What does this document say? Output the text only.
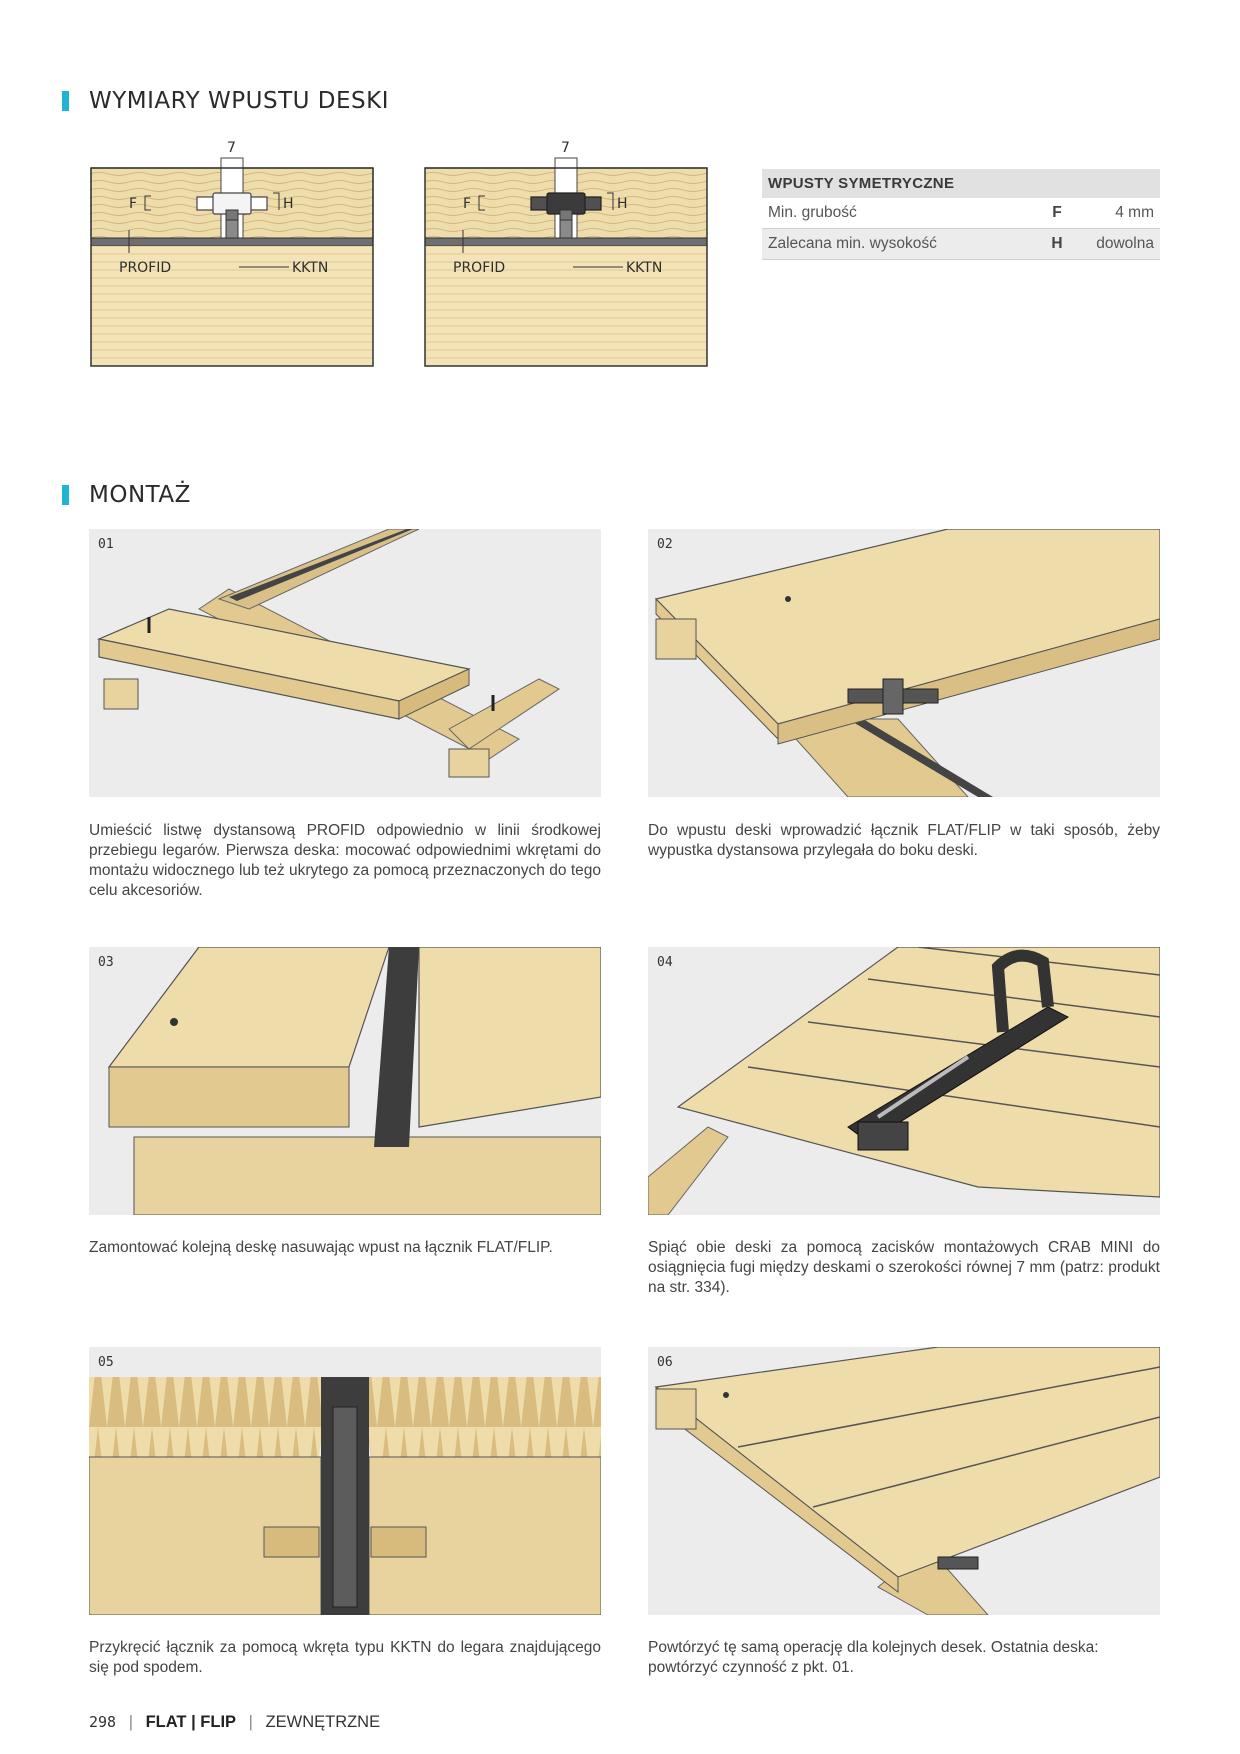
WYMIARY WPUSTU DESKI
F	H
7
PROFID	KKTN
F	H
7
PROFID	KKTN
WPUSTY SYMETRYCZNE		
Min. grubość	F	4 mm
Zalecana min. wysokość	H	dowolna
MONTAŻ
01
Umieścić listwę dystansową PROFID odpowiednio w linii środkowej przebiegu legarów. Pierwsza deska: mocować odpowiednimi wkrętami do montażu widocznego lub też ukrytego za pomocą przeznaczonych do tego celu akcesoriów.
02
Do wpustu deski wprowadzić łącznik FLAT/FLIP w taki sposób, żeby wypustka dystansowa przylegała do boku deski.
03
Zamontować kolejną deskę nasuwając wpust na łącznik FLAT/FLIP.
04
Spiąć obie deski za pomocą zacisków montażowych CRAB MINI do osiągnięcia fugi między deskami o szerokości równej 7 mm (patrz: produkt na str. 334).
05
Przykręcić łącznik za pomocą wkręta typu KKTN do legara znajdującego się pod spodem.
06
Powtórzyć tę samą operację dla kolejnych desek. Ostatnia deska: powtórzyć czynność z pkt. 01.
298 | FLAT | FLIP | ZEWNĘTRZNE
